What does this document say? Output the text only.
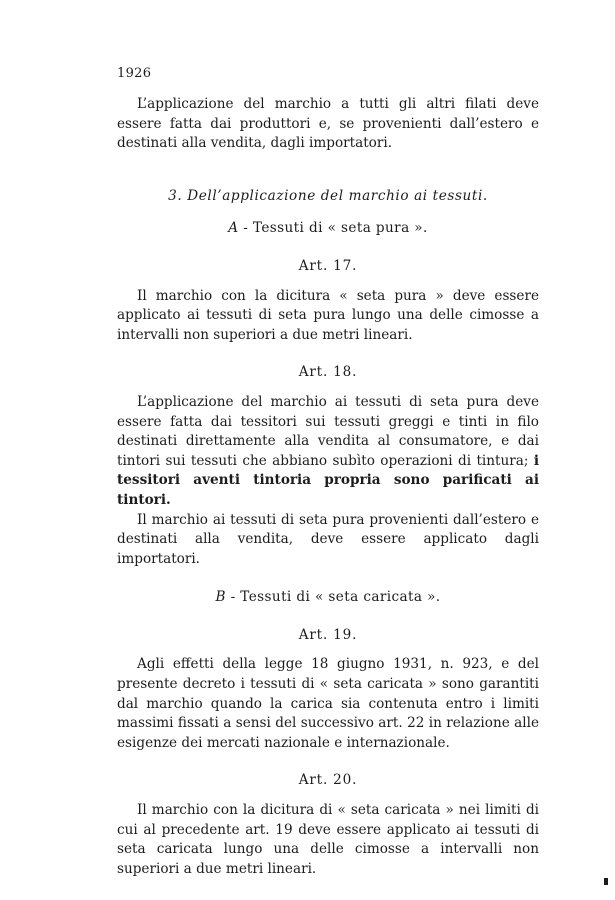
1926

L’applicazione del marchio a tutti gli altri filati deve essere fatta dai produttori e, se provenienti dall’estero e destinati alla vendita, dagli importatori.

3. Dell’applicazione del marchio ai tessuti.
A - Tessuti di « seta pura ».
Art. 17.

Il marchio con la dicitura « seta pura » deve essere applicato ai tessuti di seta pura lungo una delle cimosse a intervalli non superiori a due metri lineari.

Art. 18.

L’applicazione del marchio ai tessuti di seta pura deve essere fatta dai tessitori sui tessuti greggi e tinti in filo destinati direttamente alla vendita al consumatore, e dai tintori sui tessuti che abbiano subìto operazioni di tintura; i tessitori aventi tintoria propria sono parificati ai tintori.

Il marchio ai tessuti di seta pura provenienti dall’estero e destinati alla vendita, deve essere applicato dagli importatori.

B - Tessuti di « seta caricata ».
Art. 19.

Agli effetti della legge 18 giugno 1931, n. 923, e del presente decreto i tessuti di « seta caricata » sono garantiti dal marchio quando la carica sia contenuta entro i limiti massimi fissati a sensi del successivo art. 22 in relazione alle esigenze dei mercati nazionale e internazionale.

Art. 20.

Il marchio con la dicitura di « seta caricata » nei limiti di cui al precedente art. 19 deve essere applicato ai tessuti di seta caricata lungo una delle cimosse a intervalli non superiori a due metri lineari.
